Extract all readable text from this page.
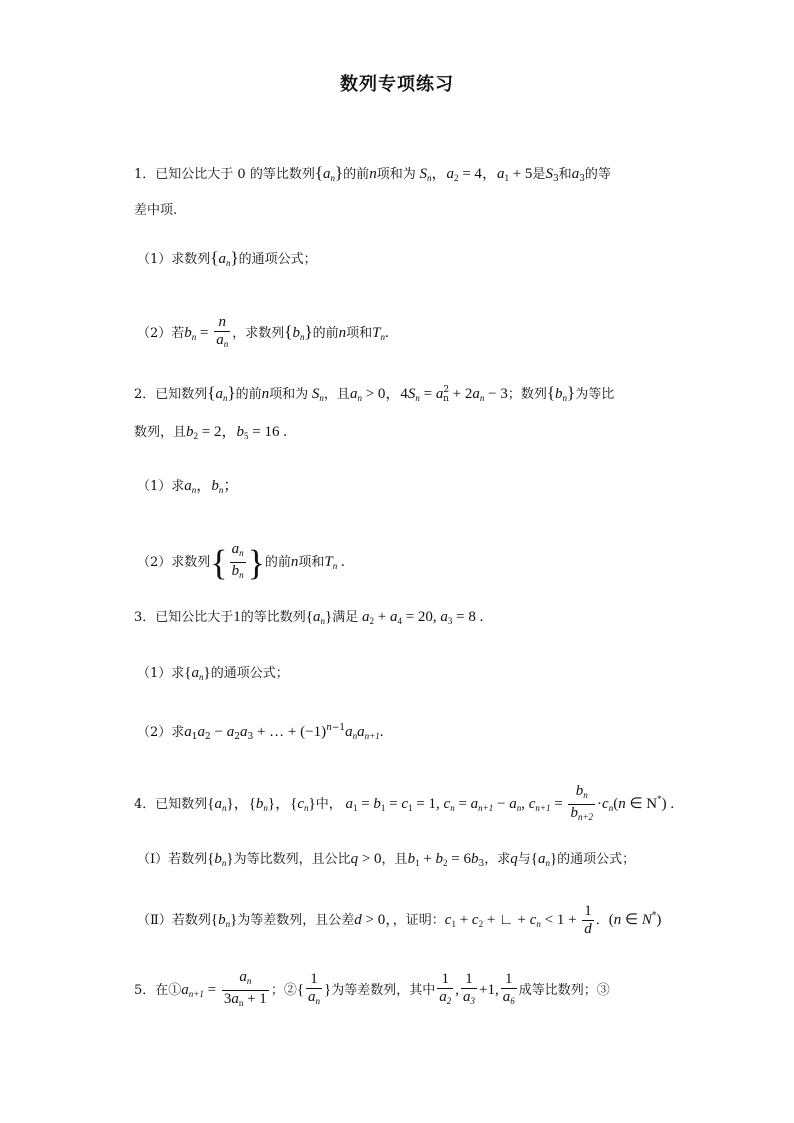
数列专项练习
1．已知公比大于 0 的等比数列$\{a_n\}$的前n项和为 $S_n$，$a_2 = 4$，$a_1 + 5$是$S_3$和$a_3$的等
差中项.
（1）求数列$\{a_n\}$的通项公式；
（2）若$b_n = \frac{n}{a_n}$ ，求数列$\{b_n\}$的前n项和$T_n$.
2．已知数列$\{a_n\}$的前n项和为 $S_n$，且$a_n > 0$，$4S_n = a^2_n + 2a_n - 3$；数列$\{b_n\}$为等比
数列，且$b_2 = 2$，$b_5 = 16$ .
（1）求$a_n$，$b_n$；
（2）求数列{ $\frac{a_n}{b_n}$ }的前n项和$T_n$ .
3．已知公比大于1的等比数列$\{a_n\}$满足 $a_2 + a_4 = 20$, $a_3 = 8$ .
（1）求$\{a_n\}$的通项公式；
（2）求$a_1a_2 - a_2a_3$ + … + $(-1)^{n-1}a_na_{n+1}$.
4．已知数列$\{a_n\}$，$\{b_n\}$，$\{c_n\}$中， $a_1 = b_1 = c_1 = 1$, $c_n = a_{n+1} - a_n$, $c_{n+1} = \frac{b_n}{b_{n+2}} \cdot c_n(n$ ∈ N*) .
（Ⅰ）若数列$\{b_n\}$为等比数列，且公比q > 0，且$b_1 + b_2 = 6b_3$，求q与$\{a_n\}$的通项公式；
（Ⅱ）若数列$\{b_n\}$为等差数列，且公差d > 0，，证明：$c_1 + c_2$ + ∟ + $c_n < 1 + \frac{1}{d}$ ．(n ∈ N*)
5．在$①a_{n+1} = \frac{a_n}{3a_n + 1}$ ；②{ $\frac{1}{a_n}$ }为等差数列，其中 $\frac{1}{a_2}$ , $\frac{1}{a_3} +1$, $\frac{1}{a_6}$ 成等比数列；③
